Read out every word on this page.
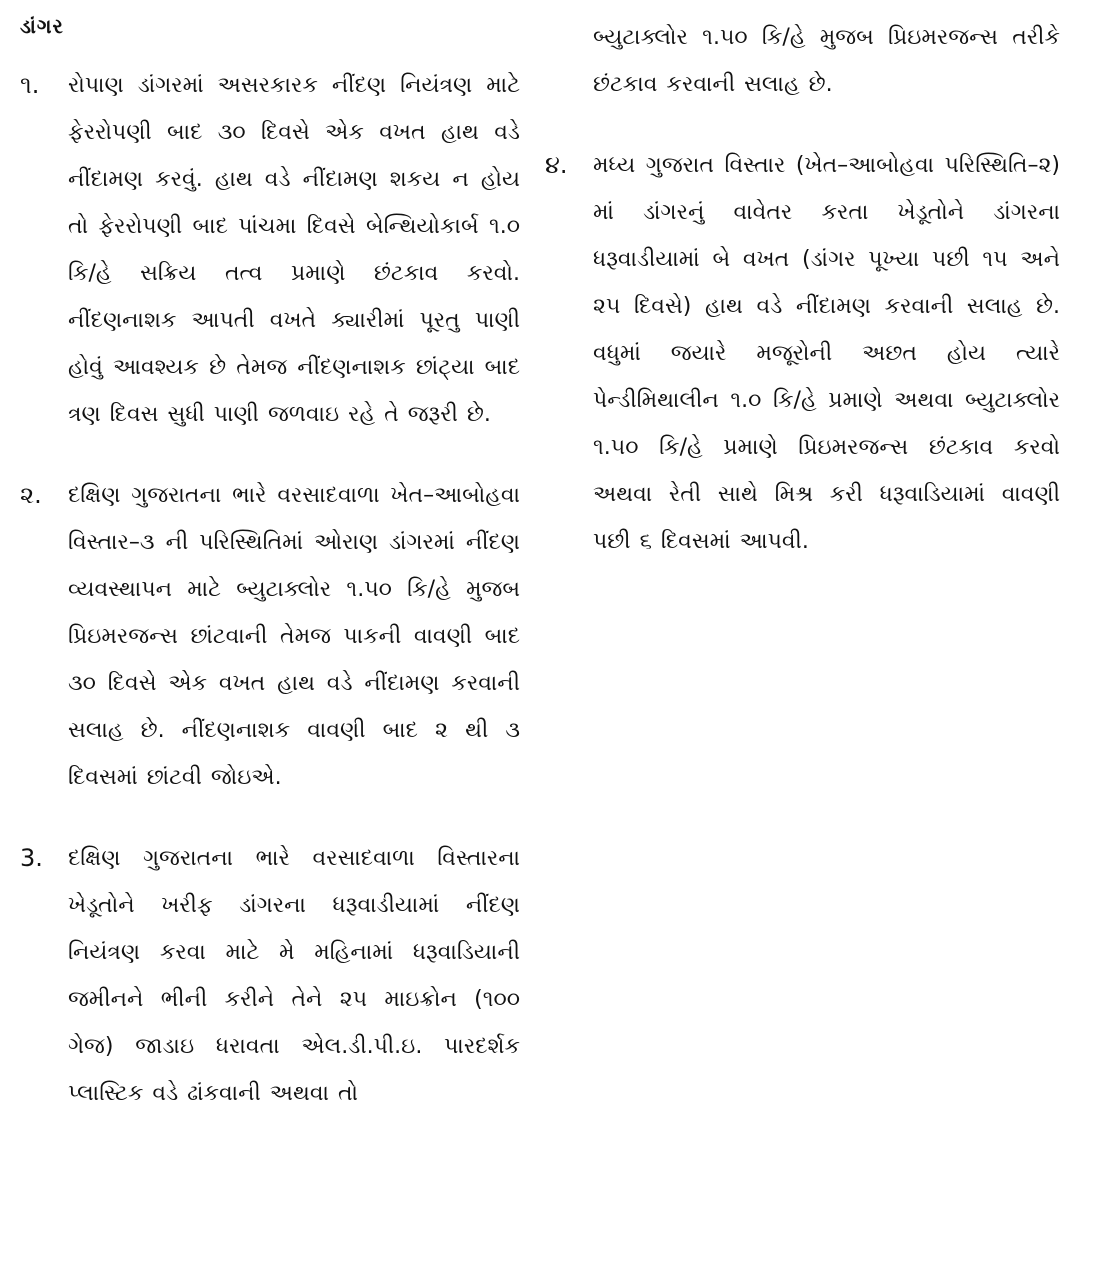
ડાંગર
૧.	રોપાણ ડાંગરમાં અસરકારક નીંદણ નિયંત્રણ માટે ફેરરોપણી બાદ ૩૦ દિવસે એક વખત હાથ વડે નીંદામણ કરવું. હાથ વડે નીંદામણ શકય ન હોય તો ફેરરોપણી બાદ પાંચમા દિવસે બેન્થિયોકાર્બ ૧.૦ કિ/હે સક્રિય તત્વ પ્રમાણે છંટકાવ કરવો. નીંદણનાશક આપતી વખતે ક્યારીમાં પૂરતુ પાણી હોવું આવશ્યક છે તેમજ નીંદણનાશક છાંટ્યા બાદ ત્રણ દિવસ સુધી પાણી જળવાઇ રહે તે જરૂરી છે.
૨.	દક્ષિણ ગુજરાતના ભારે વરસાદવાળા ખેત–આબોહવા વિસ્તાર–૩ ની પરિસ્થિતિમાં ઓરાણ ડાંગરમાં નીંદણ વ્યવસ્થાપન માટે બ્યુટાક્લોર ૧.૫૦ કિ/હે મુજબ પ્રિઇમરજન્સ છાંટવાની તેમજ પાકની વાવણી બાદ ૩૦ દિવસે એક વખત હાથ વડે નીંદામણ કરવાની સલાહ છે. નીંદણનાશક વાવણી બાદ ૨ થી ૩ દિવસમાં છાંટવી જોઇએ.
3.	દક્ષિણ ગુજરાતના ભારે વરસાદવાળા વિસ્તારના ખેડૂતોને ખરીફ ડાંગરના ધરૂવાડીયામાં નીંદણ નિયંત્રણ કરવા માટે મે મહિનામાં ધરૂવાડિયાની જમીનને ભીની કરીને તેને ૨૫ માઇક્રોન (૧૦૦ ગેજ) જાડાઇ ધરાવતા એલ.ડી.પી.ઇ. પારદર્શક પ્લાસ્ટિક વડે ઢાંકવાની અથવા તો
બ્યુટાક્લોર ૧.૫૦ કિ/હે મુજબ પ્રિઇમરજન્સ તરીકે છંટકાવ કરવાની સલાહ છે.
૪.	મધ્ય ગુજરાત વિસ્તાર (ખેત–આબોહવા પરિસ્થિતિ–૨) માં ડાંગરનું વાવેતર કરતા ખેડૂતોને ડાંગરના ધરૂવાડીયામાં બે વખત (ડાંગર પૂખ્યા પછી ૧૫ અને ૨૫ દિવસે) હાથ વડે નીંદામણ કરવાની સલાહ છે. વધુમાં જયારે મજૂરોની અછત હોય ત્યારે પેન્ડીમિથાલીન ૧.૦ કિ/હે પ્રમાણે અથવા બ્યુટાક્લોર ૧.૫૦ કિ/હે પ્રમાણે પ્રિઇમરજન્સ છંટકાવ કરવો અથવા રેતી સાથે મિશ્ર કરી ધરૂવાડિયામાં વાવણી પછી ૬ દિવસમાં આપવી.
